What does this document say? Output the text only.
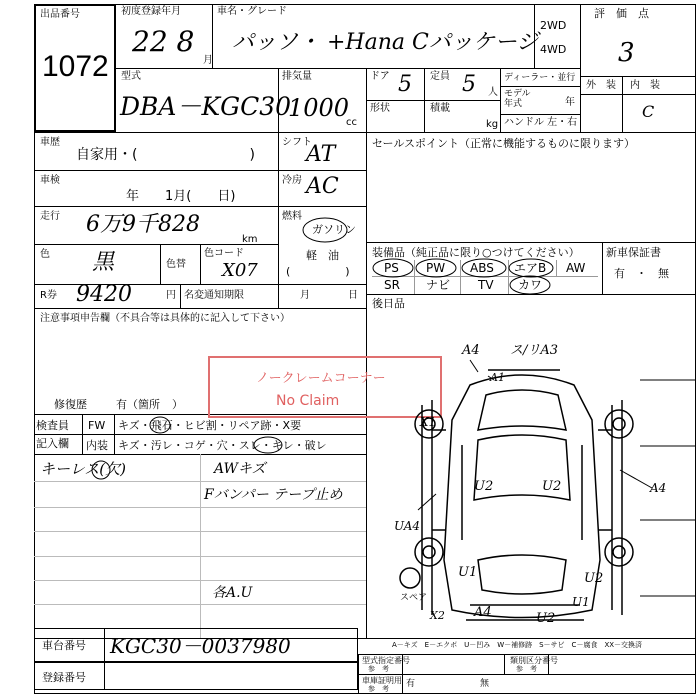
出品番号
1072
初度登録年月
22 8
月
車名・グレード
パッソ・ +Hana Cパッケージ
2WD
4WD
評　価　点
3
型式
DBA－KGC30
排気量
1000
cc
ドア 5 定員 5 人
形状	積載
kg
ディーラー・並行
モデル
年式	年
ハンドル 左・右
外　装 内　装
C
車歴
自家用・(　　　　　　　　)
シフト
AT
車検
年　　1月(　　日)
冷房 AC
走行 6万9千828
km
燃料
ガソリン
軽　油
(　　　　　)
色 黒	色替
色コード
X07
R券 9420	円 名変通知期限	月	日
注意事項申告欄（不具合等は具体的に記入して下さい）
修復歴	有（箇所 ）
ノークレームコーナー
No Claim
検査員
記入欄
FW キズ・飛石・ヒビ割・リペア跡・X要
内装 キズ・汚レ・コゲ・穴・スレ・キレ・破レ
キーレス(欠)	AWキズ
Fバンパー テープ止め
各A.U
セールスポイント（正常に機能するものに限ります）
装備品（純正品に限り○つけてください） 新車保証書
有　・　無
PS PW ABS エアB AW
SR ナビ TV カワ
後日品
A4 ス/リA3
A1
X1
U2	U2
UA4
A4
U1	U2
A4	U2
U1
X2
スペア
A－キズ　E－エクボ　U－凹み　W－補修跡　S－サビ　C－腐食　XX－交換済
車台番号 KGC30－0037980
登録番号
型式指定番号
参　考
類別区分番号
参　考
車庫証明用
参　考 有	無
